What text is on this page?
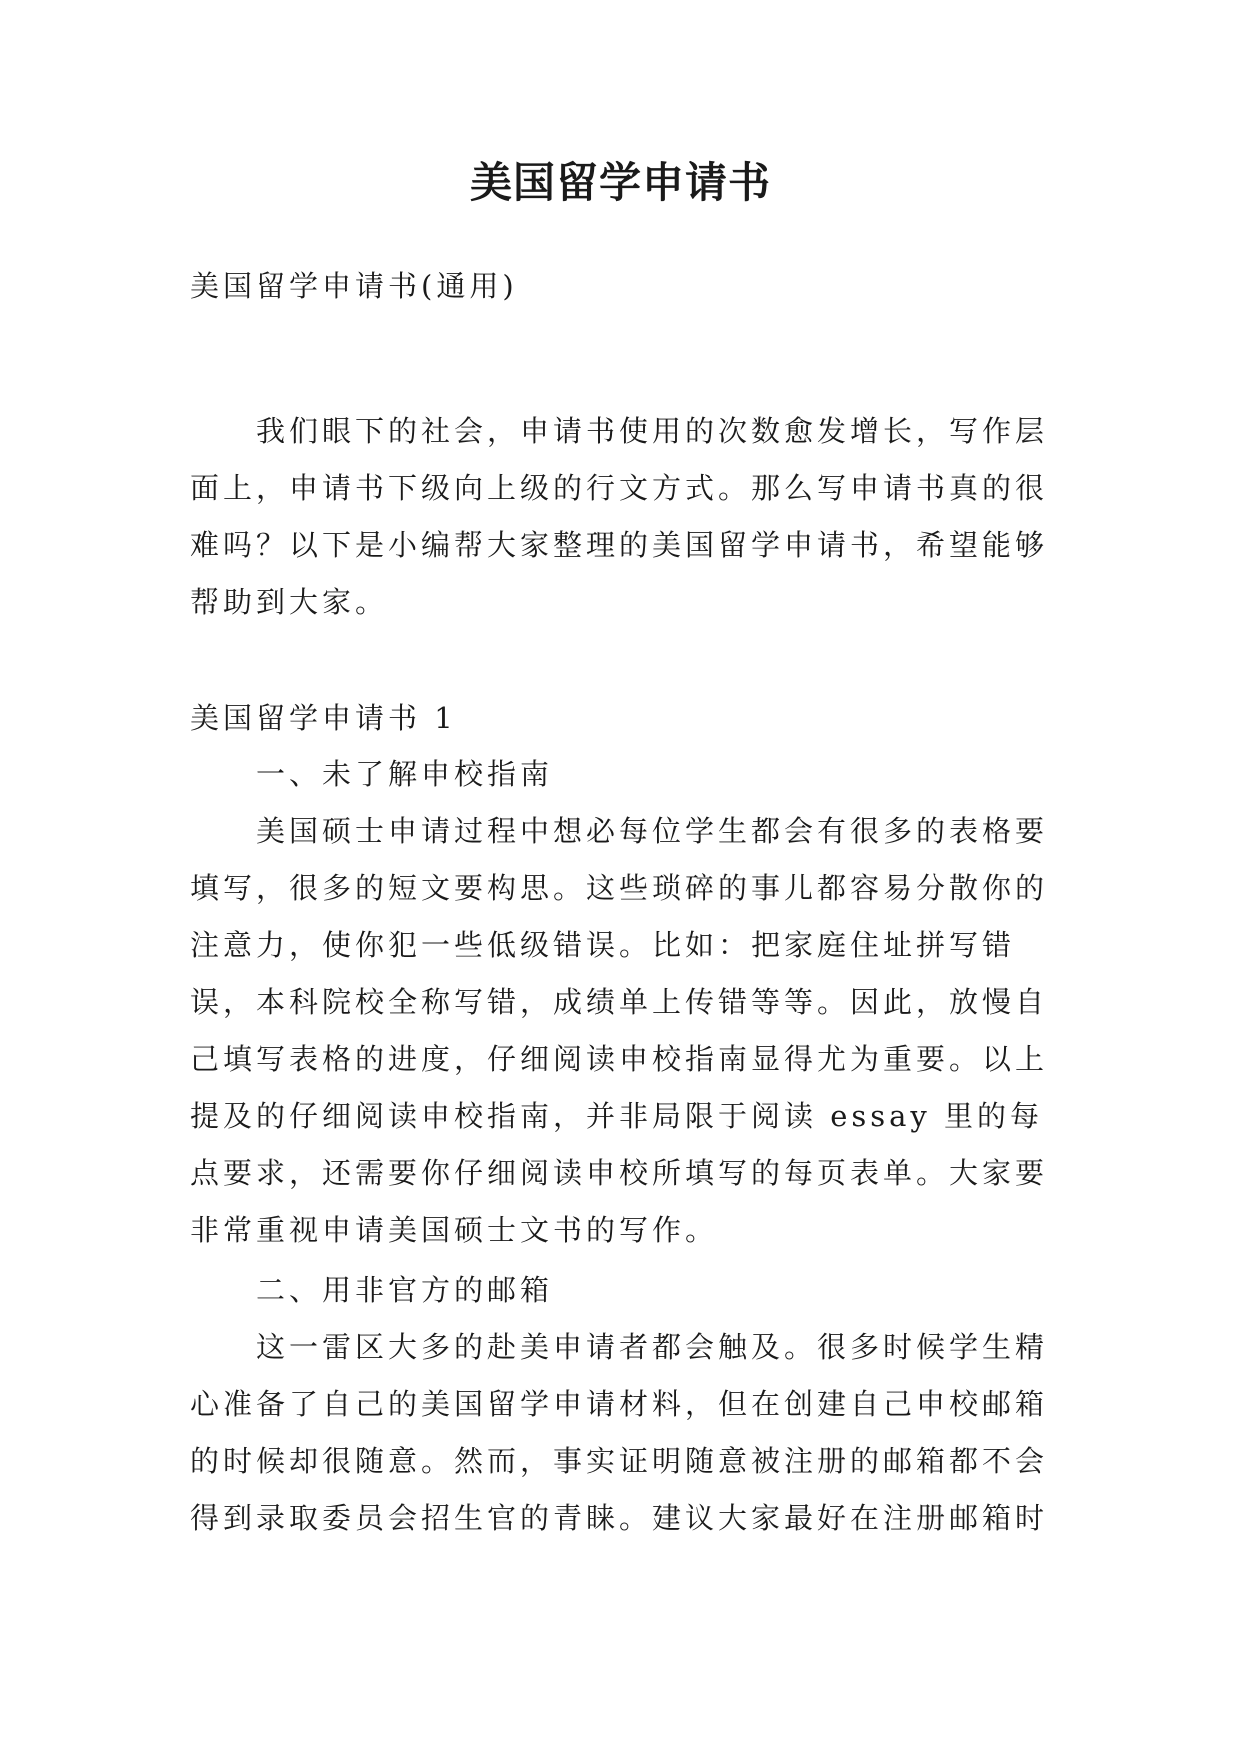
美国留学申请书

美国留学申请书(通用)

我们眼下的社会，申请书使用的次数愈发增长，写作层面上，申请书下级向上级的行文方式。那么写申请书真的很难吗？以下是小编帮大家整理的美国留学申请书，希望能够帮助到大家。

美国留学申请书 1

一、未了解申校指南

美国硕士申请过程中想必每位学生都会有很多的表格要填写，很多的短文要构思。这些琐碎的事儿都容易分散你的注意力，使你犯一些低级错误。比如：把家庭住址拼写错误，本科院校全称写错，成绩单上传错等等。因此，放慢自己填写表格的进度，仔细阅读申校指南显得尤为重要。以上提及的仔细阅读申校指南，并非局限于阅读 essay 里的每点要求，还需要你仔细阅读申校所填写的每页表单。大家要非常重视申请美国硕士文书的写作。

二、用非官方的邮箱

这一雷区大多的赴美申请者都会触及。很多时候学生精心准备了自己的美国留学申请材料，但在创建自己申校邮箱的时候却很随意。然而，事实证明随意被注册的邮箱都不会得到录取委员会招生官的青睐。建议大家最好在注册邮箱时
